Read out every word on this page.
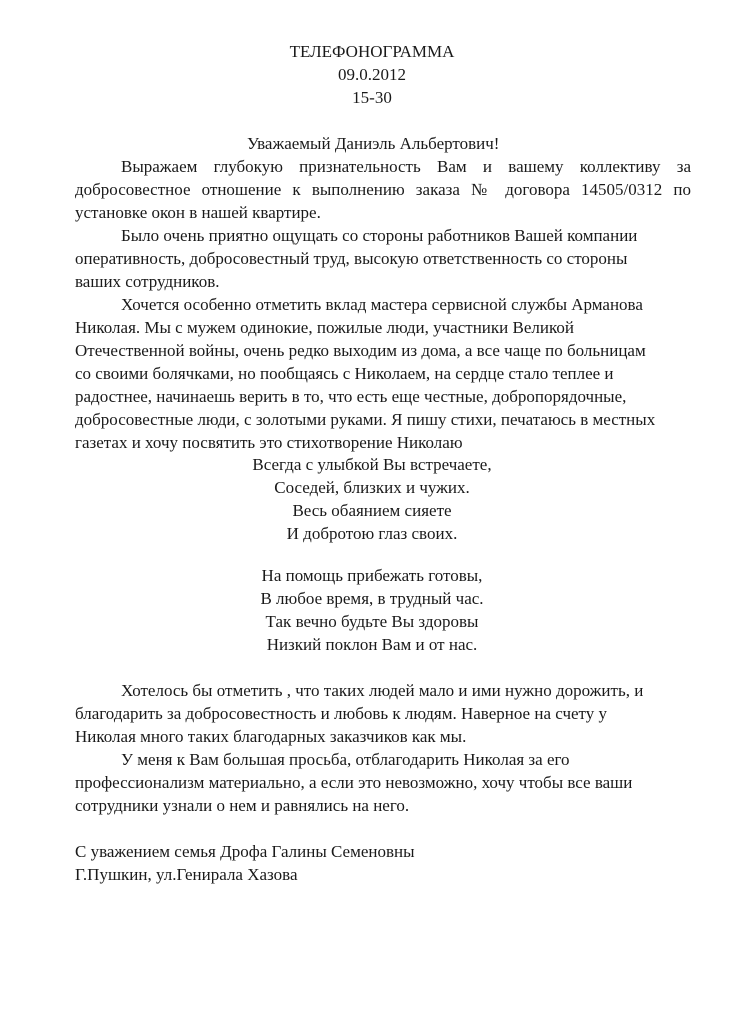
ТЕЛЕФОНОГРАММА
09.0.2012
15-30
Уважаемый Даниэль Альбертович!
Выражаем глубокую признательность Вам и вашему коллективу за
добросовестное отношение к выполнению заказа № договора 14505/0312 по
установке окон в нашей квартире.
Было очень приятно ощущать со стороны работников Вашей компании
оперативность, добросовестный труд, высокую ответственность со стороны
ваших сотрудников.
Хочется особенно отметить вклад мастера сервисной службы Арманова
Николая. Мы с мужем одинокие, пожилые люди, участники Великой
Отечественной войны, очень редко выходим из дома, а все чаще по больницам
со своими болячками, но пообщаясь с Николаем, на сердце стало теплее и
радостнее, начинаешь верить в то, что есть еще честные, добропорядочные,
добросовестные люди, с золотыми руками. Я пишу стихи, печатаюсь в местных
газетах и хочу посвятить это стихотворение Николаю
Всегда с улыбкой Вы встречаете,
Соседей, близких и чужих.
Весь обаянием сияете
И добротою глаз своих.
На помощь прибежать готовы,
В любое время, в трудный час.
Так вечно будьте Вы здоровы
Низкий поклон Вам и от нас.
Хотелось бы отметить , что таких людей мало и ими нужно дорожить, и
благодарить за добросовестность и любовь к людям. Наверное на счету у
Николая много таких благодарных заказчиков как мы.
У меня к Вам большая просьба, отблагодарить Николая за его
профессионализм материально, а если это невозможно, хочу чтобы все ваши
сотрудники узнали о нем и равнялись на него.
С уважением семья Дрофа Галины Семеновны
Г.Пушкин, ул.Генирала Хазова
